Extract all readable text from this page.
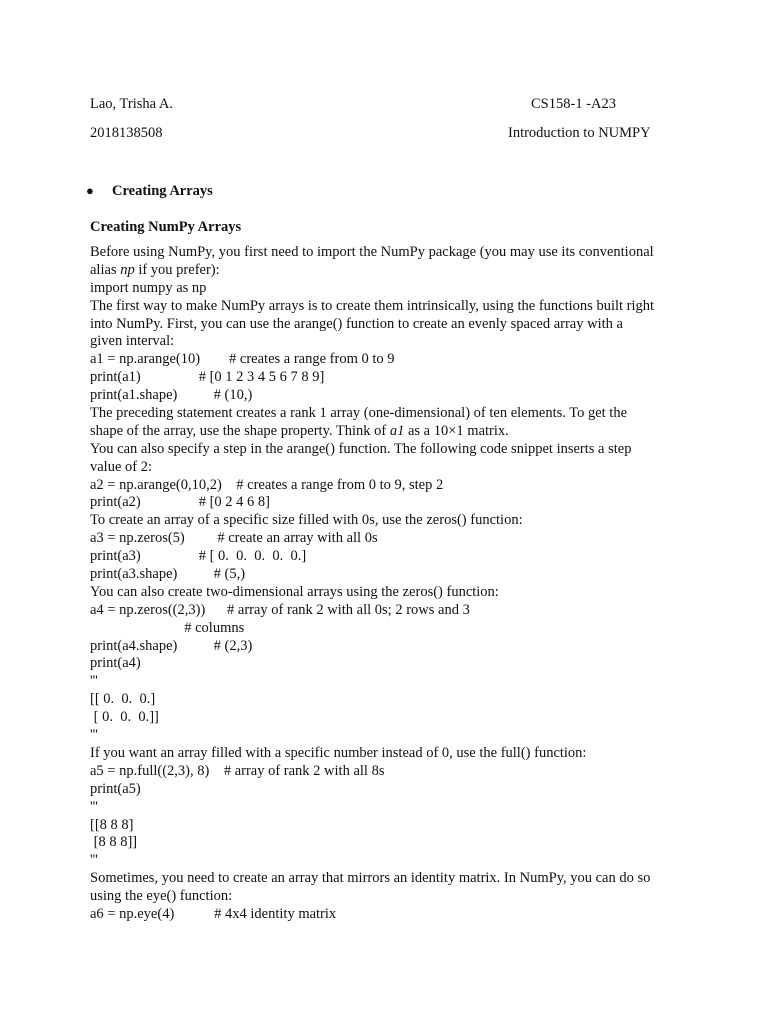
Lao, Trisha A.	CS158-1 -A23
2018138508	Introduction to NUMPY
● Creating Arrays
Creating NumPy Arrays
Before using NumPy, you first need to import the NumPy package (you may use its conventional
alias np if you prefer):
import numpy as np
The first way to make NumPy arrays is to create them intrinsically, using the functions built right
into NumPy. First, you can use the arange() function to create an evenly spaced array with a
given interval:
a1 = np.arange(10)        # creates a range from 0 to 9
print(a1)                # [0 1 2 3 4 5 6 7 8 9]
print(a1.shape)          # (10,)
The preceding statement creates a rank 1 array (one-dimensional) of ten elements. To get the
shape of the array, use the shape property. Think of a1 as a 10×1 matrix.
You can also specify a step in the arange() function. The following code snippet inserts a step
value of 2:
a2 = np.arange(0,10,2)    # creates a range from 0 to 9, step 2
print(a2)                # [0 2 4 6 8]
To create an array of a specific size filled with 0s, use the zeros() function:
a3 = np.zeros(5)         # create an array with all 0s
print(a3)                # [ 0.  0.  0.  0.  0.]
print(a3.shape)          # (5,)
You can also create two-dimensional arrays using the zeros() function:
a4 = np.zeros((2,3))      # array of rank 2 with all 0s; 2 rows and 3
# columns
print(a4.shape)          # (2,3)
print(a4)
'''
[[ 0.  0.  0.]
[ 0.  0.  0.]]
'''
If you want an array filled with a specific number instead of 0, use the full() function:
a5 = np.full((2,3), 8)    # array of rank 2 with all 8s
print(a5)
'''
[[8 8 8]
[8 8 8]]
'''
Sometimes, you need to create an array that mirrors an identity matrix. In NumPy, you can do so
using the eye() function:
a6 = np.eye(4)           # 4x4 identity matrix
